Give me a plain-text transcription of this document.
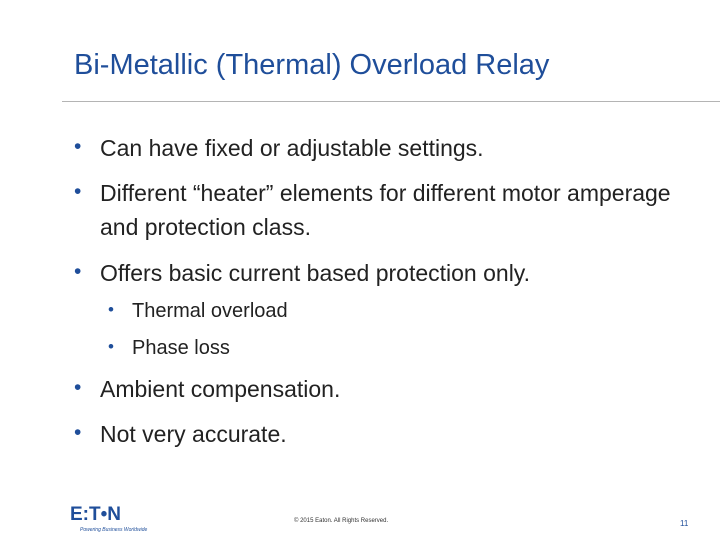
Bi-Metallic (Thermal) Overload Relay
• Can have fixed or adjustable settings.
• Different “heater” elements for different motor amperage and protection class.
• Offers basic current based protection only.
• Thermal overload
• Phase loss
• Ambient compensation.
• Not very accurate.
E:T•N
Powering Business Worldwide
© 2015 Eaton. All Rights Reserved.	11
